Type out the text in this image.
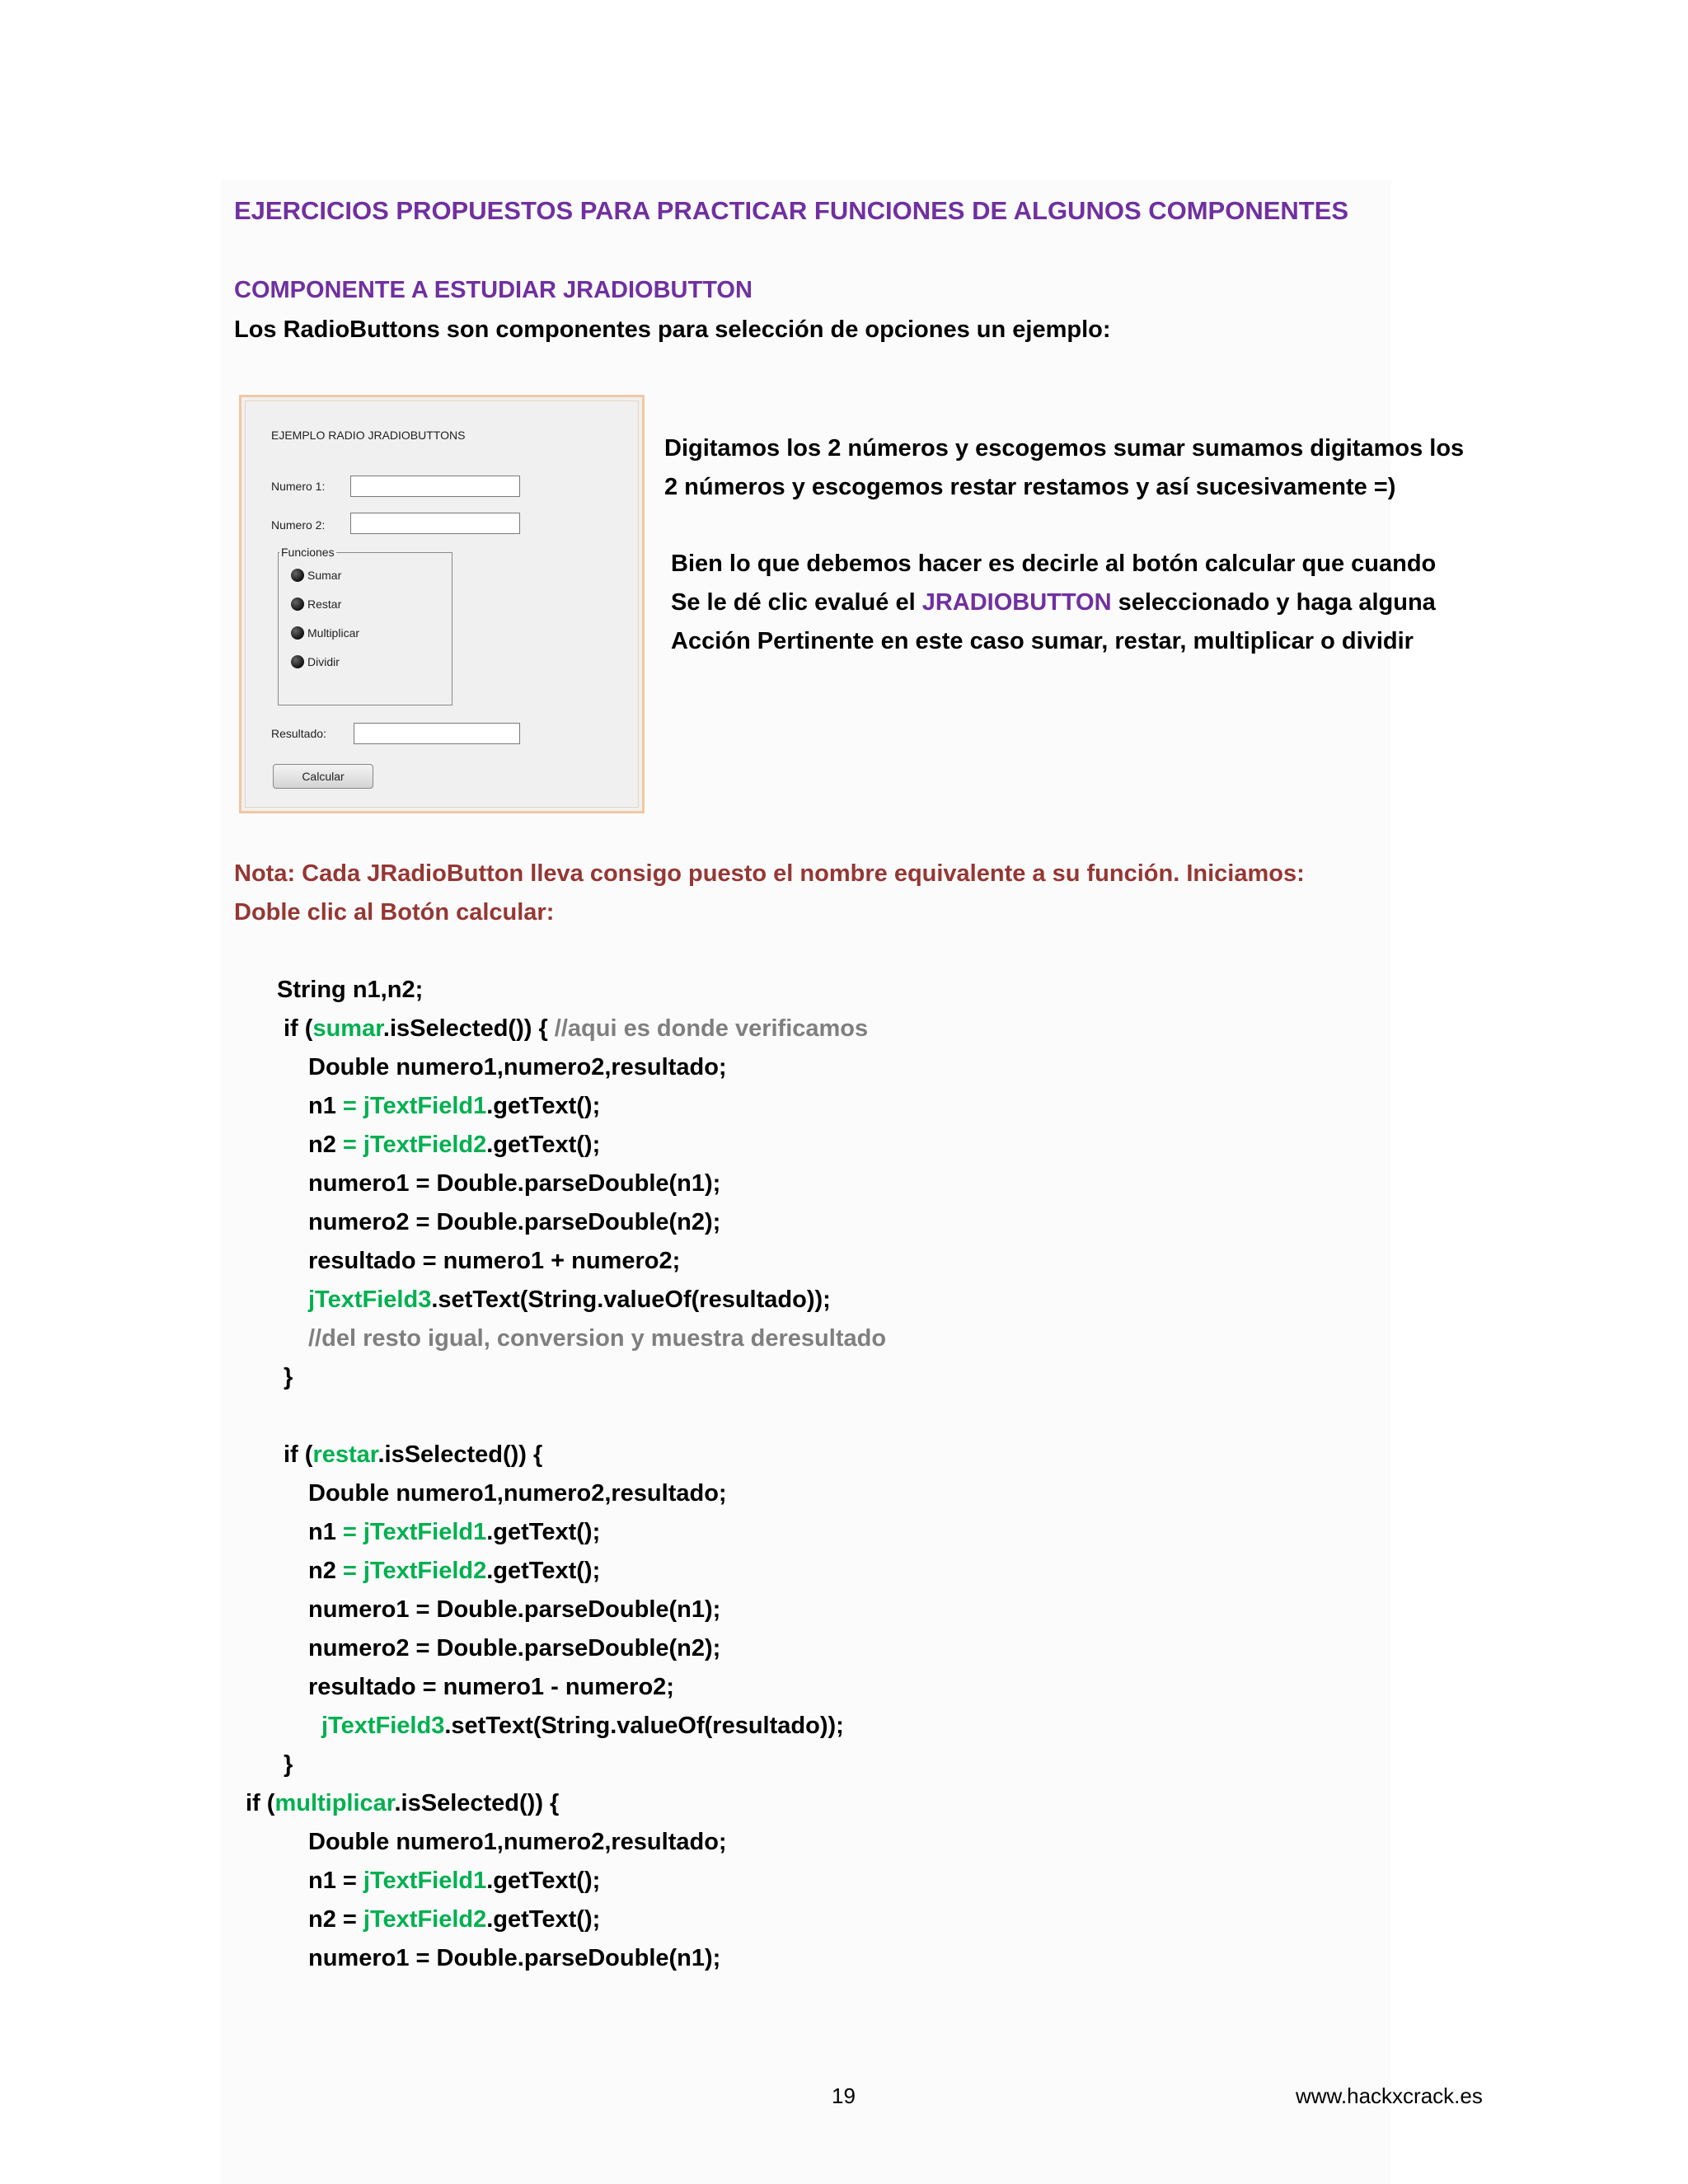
EJERCICIOS PROPUESTOS PARA PRACTICAR FUNCIONES DE ALGUNOS COMPONENTES
COMPONENTE A ESTUDIAR JRADIOBUTTON
Los RadioButtons son componentes para selección de opciones un ejemplo:
EJEMPLO RADIO JRADIOBUTTONS
Numero 1:
Numero 2:
Funciones
Sumar
Restar
Multiplicar
Dividir
Resultado:
Calcular
Digitamos los 2 números y escogemos sumar sumamos digitamos los
2 números y escogemos restar restamos y así sucesivamente =)
Bien lo que debemos hacer es decirle al botón calcular que cuando
Se le dé clic evalué el JRADIOBUTTON seleccionado y haga alguna
Acción Pertinente en este caso sumar, restar, multiplicar o dividir
Nota: Cada JRadioButton lleva consigo puesto el nombre equivalente a su función. Iniciamos:
Doble clic al Botón calcular:
String n1,n2;
if (sumar.isSelected()) { //aqui es donde verificamos
Double numero1,numero2,resultado;
n1 = jTextField1.getText();
n2 = jTextField2.getText();
numero1 = Double.parseDouble(n1);
numero2 = Double.parseDouble(n2);
resultado = numero1 + numero2;
jTextField3.setText(String.valueOf(resultado));
//del resto igual, conversion y muestra deresultado
}
if (restar.isSelected()) {
Double numero1,numero2,resultado;
n1 = jTextField1.getText();
n2 = jTextField2.getText();
numero1 = Double.parseDouble(n1);
numero2 = Double.parseDouble(n2);
resultado = numero1 - numero2;
jTextField3.setText(String.valueOf(resultado));
}
if (multiplicar.isSelected()) {
Double numero1,numero2,resultado;
n1 = jTextField1.getText();
n2 = jTextField2.getText();
numero1 = Double.parseDouble(n1);
19	www.hackxcrack.es
